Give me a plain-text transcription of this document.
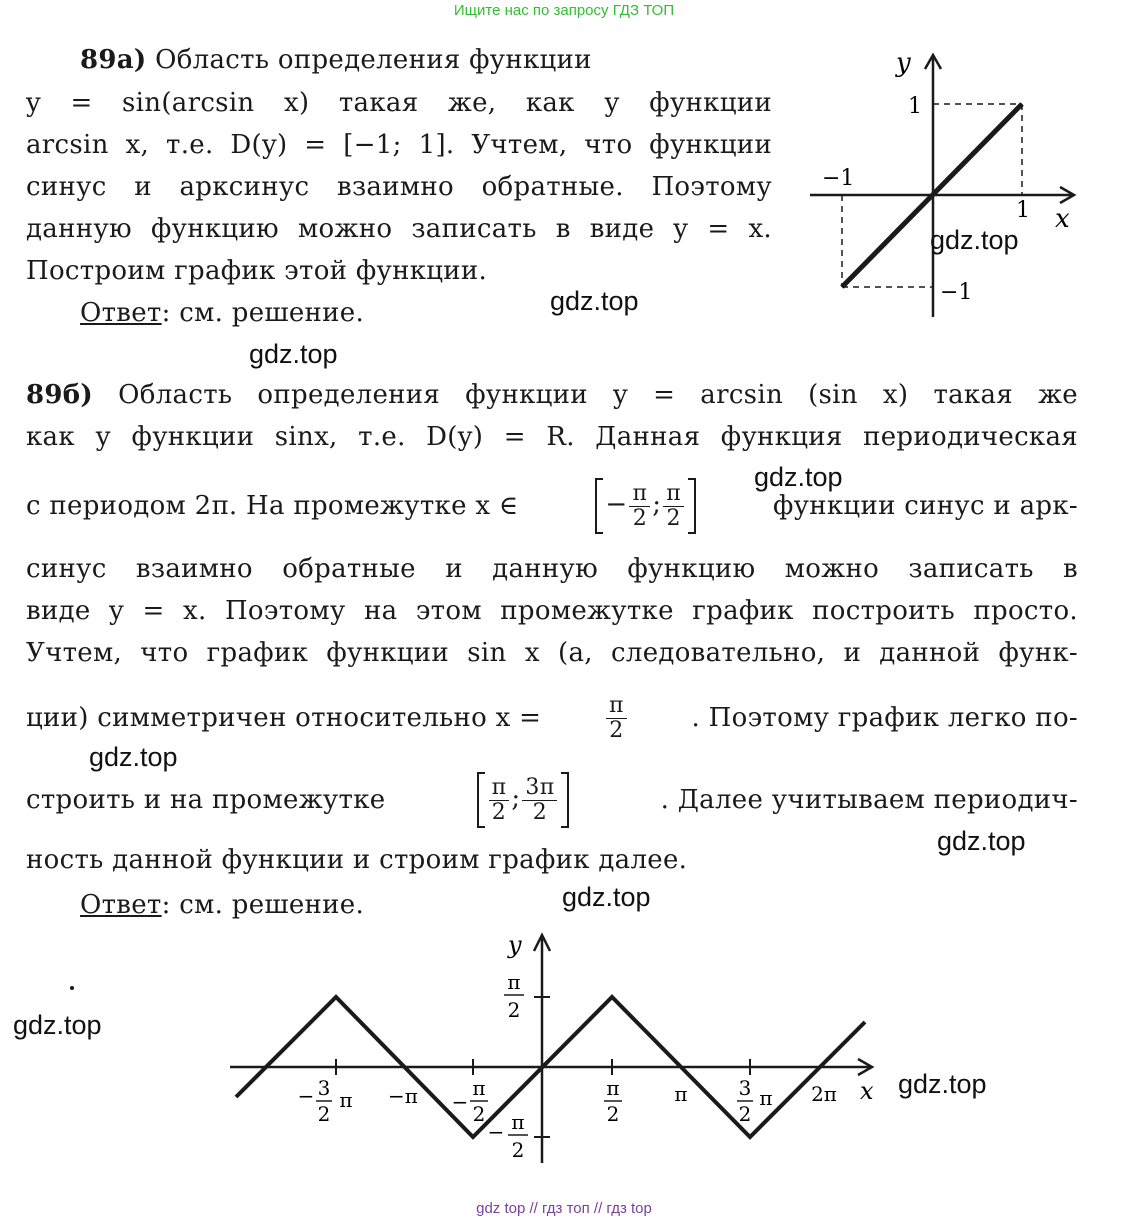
Ищите нас по запросу ГДЗ ТОП
89а) Область определения функции
y = sin(arcsin x) такая же, как у функции
arcsin x, т.е. D(y) = [−1; 1]. Учтем, что функции
синус и арксинус взаимно обратные. Поэтому
данную функцию можно записать в виде y = x.
Построим график этой функции.
Ответ: см. решение.
y
x
1
−1
1
−1
89б) Область определения функции y = arcsin (sin x) такая же
как у функции sinx, т.е. D(y) = R. Данная функция периодическая
с периодом 2π. На промежутке x ∈	− $\frac{\pi}{2}$ ; $\frac{\pi}{2}$	функции синус и арк-
синус взаимно обратные и данную функцию можно записать в
виде y = x. Поэтому на этом промежутке график построить просто.
Учтем, что график функции sin x (а, следовательно, и данной функ-
ции) симметричен относительно x =	$\frac{\pi}{2}$ . Поэтому график легко по-
строить и на промежутке	$\frac{\pi}{2}$ ; $\frac{3\pi}{2}$	. Далее учитываем периодич-
ность данной функции и строим график далее.
Ответ: см. решение.
y
x
π
2
− π
2
− 3
2
π −π −
π
2
π
2
π	3
2
π 2π
gdz.top
gdz.top
gdz.top
gdz.top
gdz.top
gdz.top
gdz.top
gdz.top
gdz.top
gdz top // гдз топ // гдз top
